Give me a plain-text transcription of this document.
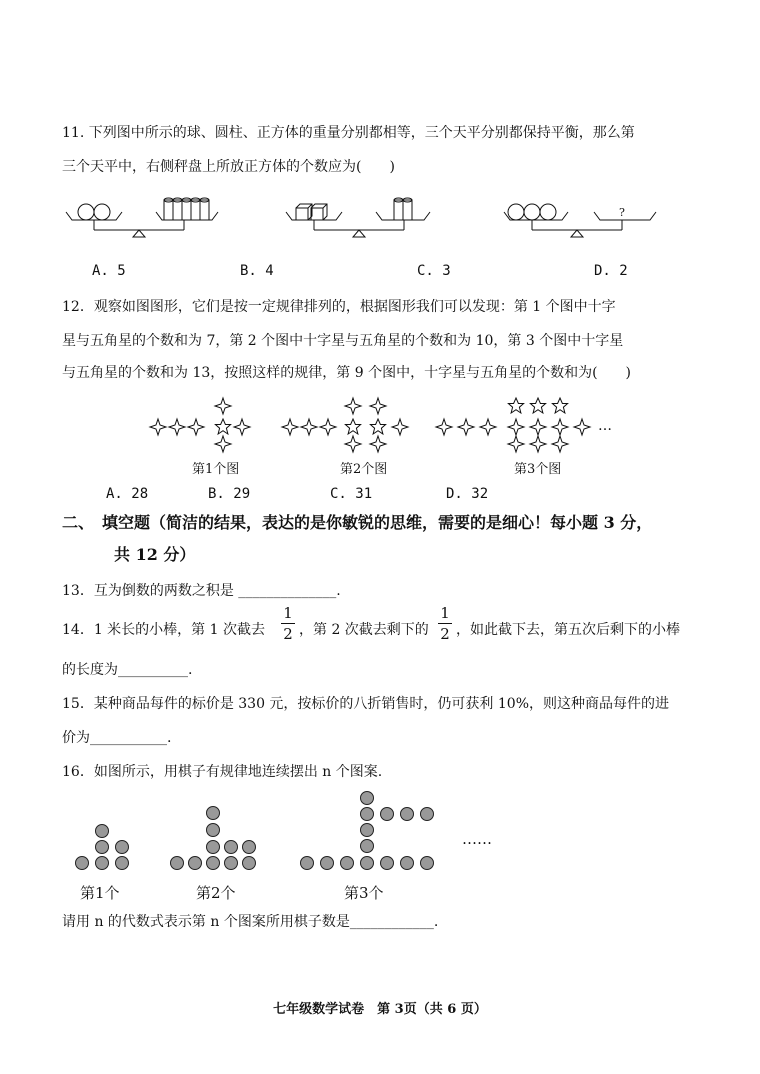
11. 下列图中所示的球、圆柱、正方体的重量分别都相等，三个天平分别都保持平衡，那么第
三个天平中，右侧秤盘上所放正方体的个数应为(　　)
?
A. 5	B. 4	C. 3	D. 2
12．观察如图图形，它们是按一定规律排列的，根据图形我们可以发现：第 1 个图中十字
星与五角星的个数和为 7，第 2 个图中十字星与五角星的个数和为 10，第 3 个图中十字星
与五角星的个数和为 13，按照这样的规律，第 9 个图中，十字星与五角星的个数和为(　　)
…
第1个图	第2个图	第3个图
A. 28	B. 29	C. 31	D. 32
二、　填空题（简洁的结果，表达的是你敏锐的思维，需要的是细心！每小题 3 分，
共 12 分）
13．互为倒数的两数之积是 ______________.
14．1 米长的小棒，第 1 次截去
1
2 ，第 2 次截去剩下的
1
2 ，如此截下去，第五次后剩下的小棒
的长度为__________.
15．某种商品每件的标价是 330 元，按标价的八折销售时，仍可获利 10%，则这种商品每件的进
价为___________.
16．如图所示，用棋子有规律地连续摆出 n 个图案.
……
第1个	第2个	第3个
请用 n 的代数式表示第 n 个图案所用棋子数是____________.
七年级数学试卷　第 3页（共 6 页）
